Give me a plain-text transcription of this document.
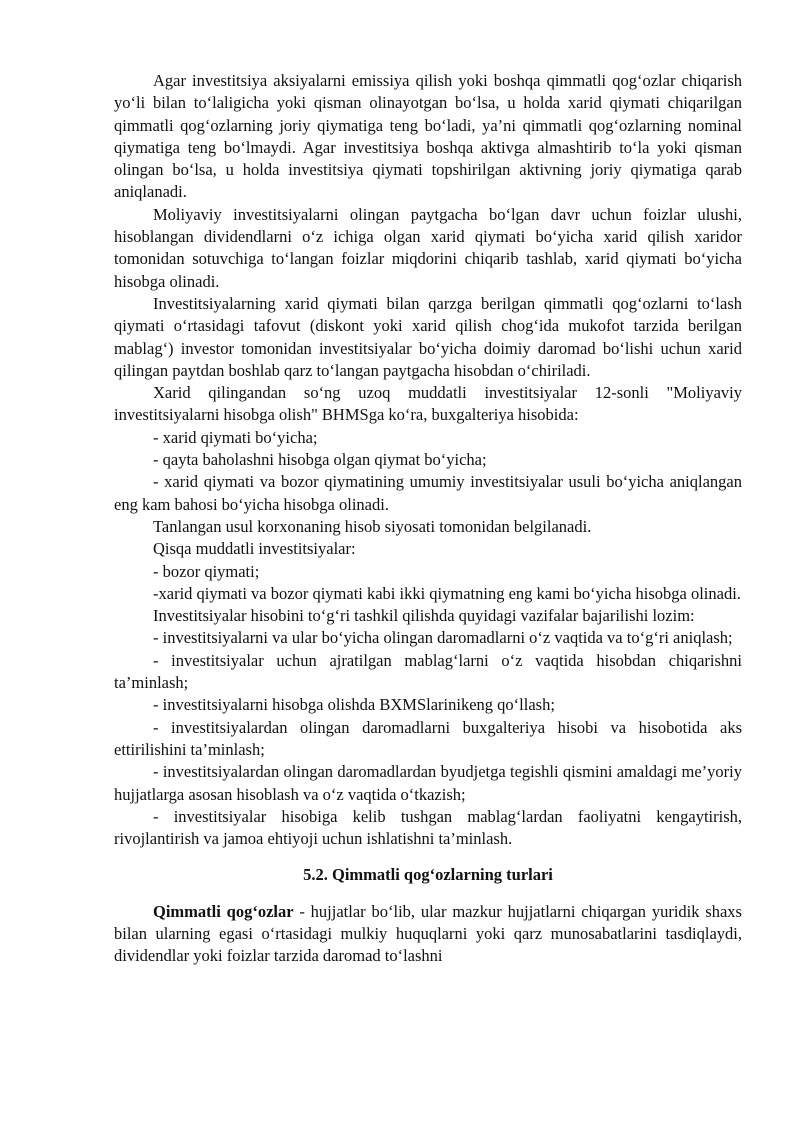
Agar investitsiya aksiyalarni emissiya qilish yoki boshqa qimmatli qog‘ozlar chiqarish yo‘li bilan to‘laligicha yoki qisman olinayotgan bo‘lsa, u holda xarid qiymati chiqarilgan qimmatli qog‘ozlarning joriy qiymatiga teng bo‘ladi, ya’ni qimmatli qog‘ozlarning nominal qiymatiga teng bo‘lmaydi. Agar investitsiya boshqa aktivga almashtirib to‘la yoki qisman olingan bo‘lsa, u holda investitsiya qiymati topshirilgan aktivning joriy qiymatiga qarab aniqlanadi.

Moliyaviy investitsiyalarni olingan paytgacha bo‘lgan davr uchun foizlar ulushi, hisoblangan dividendlarni o‘z ichiga olgan xarid qiymati bo‘yicha xarid qilish xaridor tomonidan sotuvchiga to‘langan foizlar miqdorini chiqarib tashlab, xarid qiymati bo‘yicha hisobga olinadi.

Investitsiyalarning xarid qiymati bilan qarzga berilgan qimmatli qog‘ozlarni to‘lash qiymati o‘rtasidagi tafovut (diskont yoki xarid qilish chog‘ida mukofot tarzida berilgan mablag‘) investor tomonidan investitsiyalar bo‘yicha doimiy daromad bo‘lishi uchun xarid qilingan paytdan boshlab qarz to‘langan paytgacha hisobdan o‘chiriladi.

Xarid qilingandan so‘ng uzoq muddatli investitsiyalar 12-sonli "Moliyaviy investitsiyalarni hisobga olish" BHMSga ko‘ra, buxgalteriya hisobida:

- xarid qiymati bo‘yicha;

- qayta baholashni hisobga olgan qiymat bo‘yicha;

- xarid qiymati va bozor qiymatining umumiy investitsiyalar usuli bo‘yicha aniqlangan eng kam bahosi bo‘yicha hisobga olinadi.

Tanlangan usul korxonaning hisob siyosati tomonidan belgilanadi.

Qisqa muddatli investitsiyalar:

- bozor qiymati;

-xarid qiymati va bozor qiymati kabi ikki qiymatning eng kami bo‘yicha hisobga olinadi.

Investitsiyalar hisobini to‘g‘ri tashkil qilishda quyidagi vazifalar bajarilishi lozim:

- investitsiyalarni va ular bo‘yicha olingan daromadlarni o‘z vaqtida va to‘g‘ri aniqlash;

- investitsiyalar uchun ajratilgan mablag‘larni o‘z vaqtida hisobdan chiqarishni ta’minlash;

- investitsiyalarni hisobga olishda BXMSlarinikeng qo‘llash;

- investitsiyalardan olingan daromadlarni buxgalteriya hisobi va hisobotida aks ettirilishini ta’minlash;

- investitsiyalardan olingan daromadlardan byudjetga tegishli qismini amaldagi me’yoriy hujjatlarga asosan hisoblash va o‘z vaqtida o‘tkazish;

- investitsiyalar hisobiga kelib tushgan mablag‘lardan faoliyatni kengaytirish, rivojlantirish va jamoa ehtiyoji uchun ishlatishni ta’minlash.

5.2. Qimmatli qog‘ozlarning turlari

Qimmatli qog‘ozlar - hujjatlar bo‘lib, ular mazkur hujjatlarni chiqargan yuridik shaxs bilan ularning egasi o‘rtasidagi mulkiy huquqlarni yoki qarz munosabatlarini tasdiqlaydi, dividendlar yoki foizlar tarzida daromad to‘lashni
